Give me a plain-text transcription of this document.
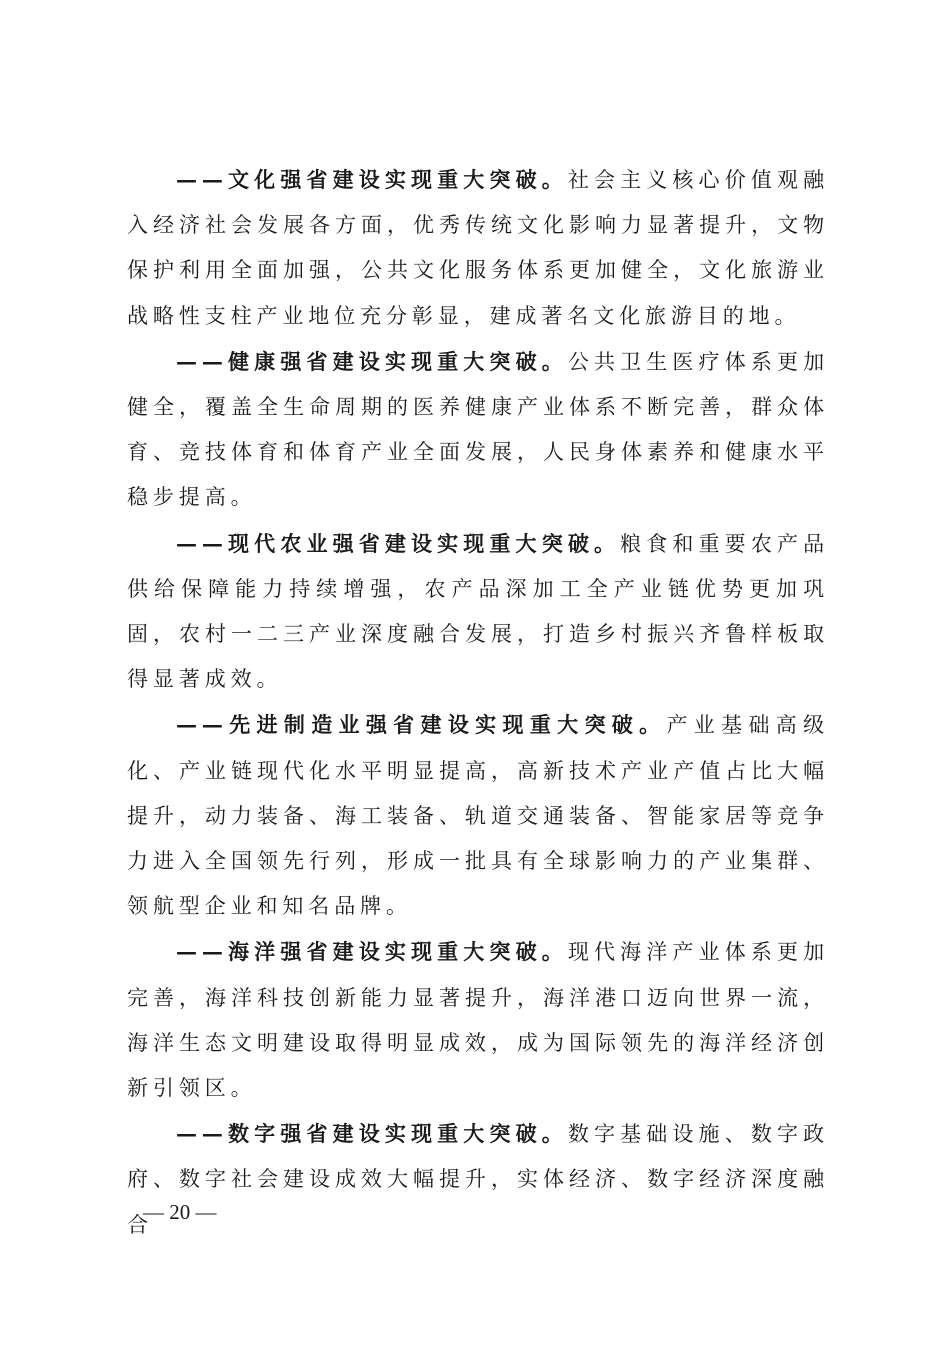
——文化强省建设实现重大突破。社会主义核心价值观融入经济社会发展各方面，优秀传统文化影响力显著提升，文物保护利用全面加强，公共文化服务体系更加健全，文化旅游业战略性支柱产业地位充分彰显，建成著名文化旅游目的地。

——健康强省建设实现重大突破。公共卫生医疗体系更加健全，覆盖全生命周期的医养健康产业体系不断完善，群众体育、竞技体育和体育产业全面发展，人民身体素养和健康水平稳步提高。

——现代农业强省建设实现重大突破。粮食和重要农产品供给保障能力持续增强，农产品深加工全产业链优势更加巩固，农村一二三产业深度融合发展，打造乡村振兴齐鲁样板取得显著成效。

——先进制造业强省建设实现重大突破。产业基础高级化、产业链现代化水平明显提高，高新技术产业产值占比大幅提升，动力装备、海工装备、轨道交通装备、智能家居等竞争力进入全国领先行列，形成一批具有全球影响力的产业集群、领航型企业和知名品牌。

——海洋强省建设实现重大突破。现代海洋产业体系更加完善，海洋科技创新能力显著提升，海洋港口迈向世界一流，海洋生态文明建设取得明显成效，成为国际领先的海洋经济创新引领区。

——数字强省建设实现重大突破。数字基础设施、数字政府、数字社会建设成效大幅提升，实体经济、数字经济深度融合

— 20 —
